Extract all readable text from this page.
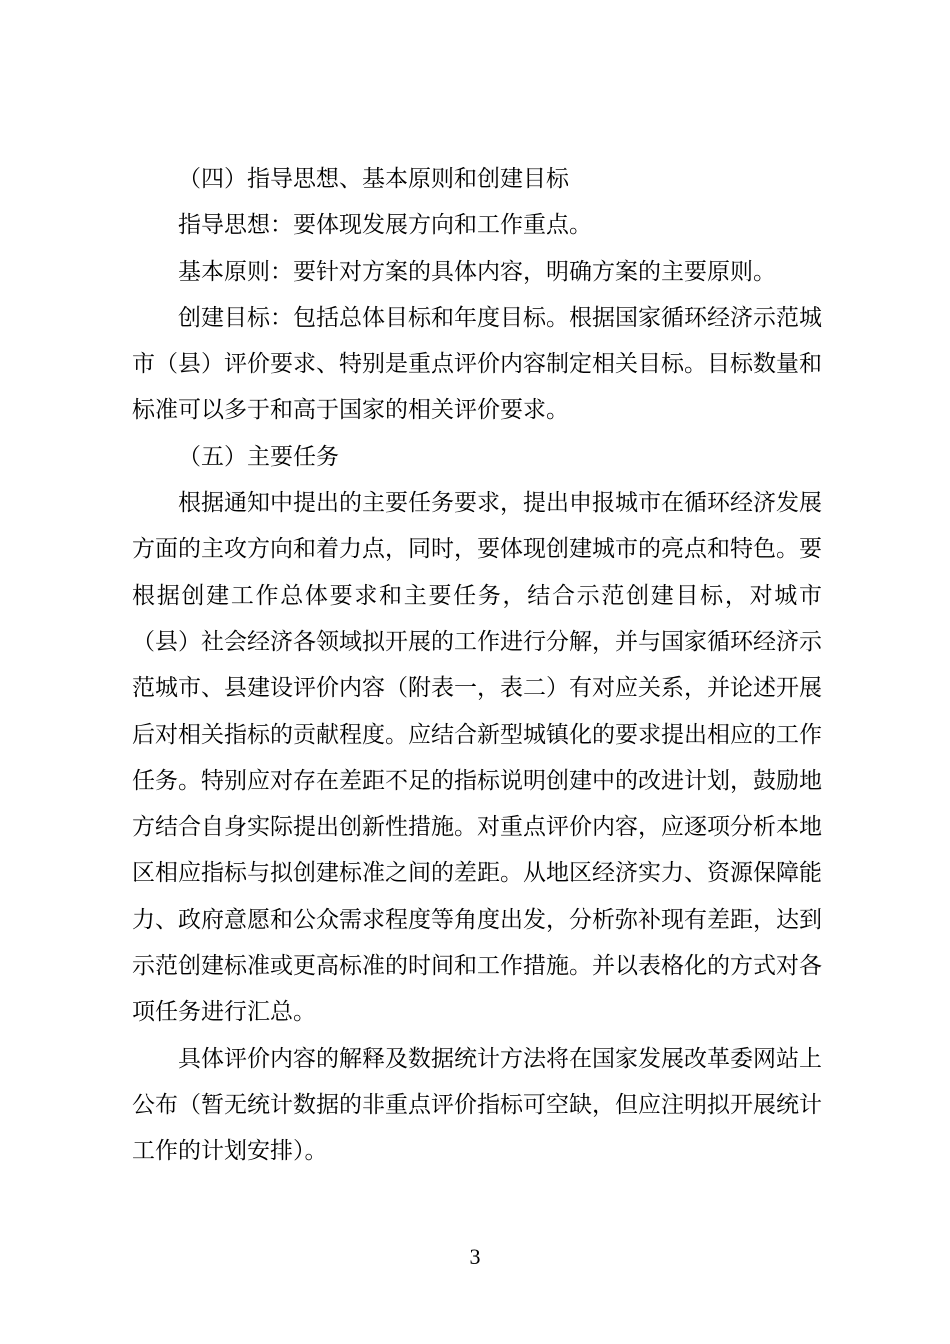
（四）指导思想、基本原则和创建目标

指导思想：要体现发展方向和工作重点。

基本原则：要针对方案的具体内容，明确方案的主要原则。

创建目标：包括总体目标和年度目标。根据国家循环经济示范城市（县）评价要求、特别是重点评价内容制定相关目标。目标数量和标准可以多于和高于国家的相关评价要求。

（五）主要任务

根据通知中提出的主要任务要求，提出申报城市在循环经济发展方面的主攻方向和着力点，同时，要体现创建城市的亮点和特色。要根据创建工作总体要求和主要任务，结合示范创建目标，对城市（县）社会经济各领域拟开展的工作进行分解，并与国家循环经济示范城市、县建设评价内容（附表一，表二）有对应关系，并论述开展后对相关指标的贡献程度。应结合新型城镇化的要求提出相应的工作任务。特别应对存在差距不足的指标说明创建中的改进计划，鼓励地方结合自身实际提出创新性措施。对重点评价内容，应逐项分析本地区相应指标与拟创建标准之间的差距。从地区经济实力、资源保障能力、政府意愿和公众需求程度等角度出发，分析弥补现有差距，达到示范创建标准或更高标准的时间和工作措施。并以表格化的方式对各项任务进行汇总。

具体评价内容的解释及数据统计方法将在国家发展改革委网站上公布（暂无统计数据的非重点评价指标可空缺，但应注明拟开展统计工作的计划安排）。

3
